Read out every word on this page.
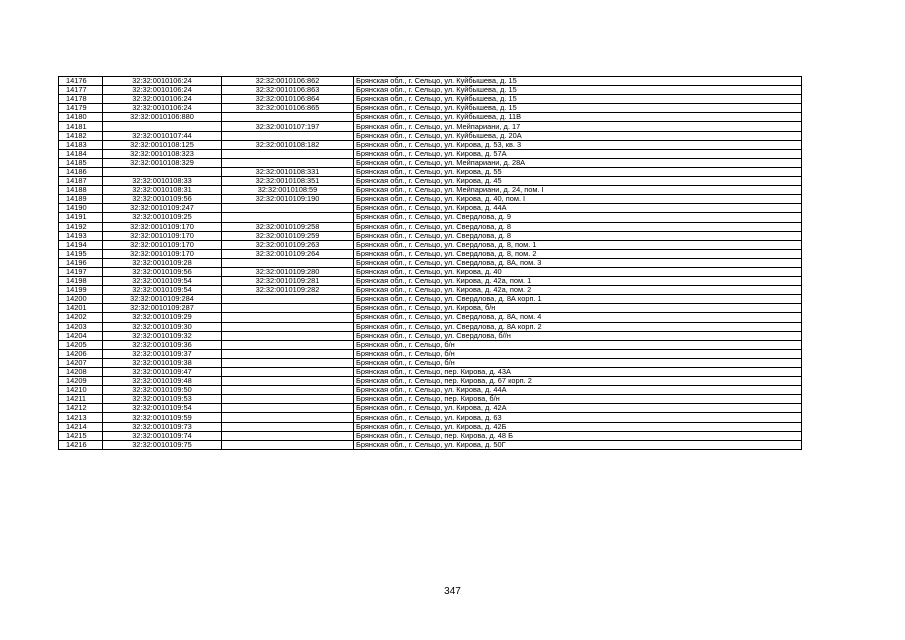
14176	32:32:0010106:24	32:32:0010106:862	Брянская обл., г. Сельцо, ул. Куйбышева, д. 15
14177	32:32:0010106:24	32:32:0010106:863	Брянская обл., г. Сельцо, ул. Куйбышева, д. 15
14178	32:32:0010106:24	32:32:0010106:864	Брянская обл., г. Сельцо, ул. Куйбышева, д. 15
14179	32:32:0010106:24	32:32:0010106:865	Брянская обл., г. Сельцо, ул. Куйбышева, д. 15
14180	32:32:0010106:880		Брянская обл., г. Сельцо, ул. Куйбышева, д. 11В
14181		32:32:0010107:197	Брянская обл., г. Сельцо, ул. Мейпариани, д. 17
14182	32:32:0010107:44		Брянская обл., г. Сельцо, ул. Куйбышева, д. 20А
14183	32:32:0010108:125	32:32:0010108:182	Брянская обл., г. Сельцо, ул. Кирова, д. 53, кв. 3
14184	32:32:0010108:323		Брянская обл., г. Сельцо, ул. Кирова, д. 57А
14185	32:32:0010108:329		Брянская обл., г. Сельцо, ул. Мейпариани, д. 28А
14186		32:32:0010108:331	Брянская обл., г. Сельцо, ул. Кирова, д. 55
14187	32:32:0010108:33	32:32:0010108:351	Брянская обл., г. Сельцо, ул. Кирова, д. 45
14188	32:32:0010108:31	32:32:0010108:59	Брянская обл., г. Сельцо, ул. Мейпариани, д. 24, пом. I
14189	32:32:0010109:56	32:32:0010109:190	Брянская обл., г. Сельцо, ул. Кирова, д. 40, пом. I
14190	32:32:0010109:247		Брянская обл., г. Сельцо, ул. Кирова, д. 44А
14191	32:32:0010109:25		Брянская обл., г. Сельцо, ул. Свердлова, д. 9
14192	32:32:0010109:170	32:32:0010109:258	Брянская обл., г. Сельцо, ул. Свердлова, д. 8
14193	32:32:0010109:170	32:32:0010109:259	Брянская обл., г. Сельцо, ул. Свердлова, д. 8
14194	32:32:0010109:170	32:32:0010109:263	Брянская обл., г. Сельцо, ул. Свердлова, д. 8, пом. 1
14195	32:32:0010109:170	32:32:0010109:264	Брянская обл., г. Сельцо, ул. Свердлова, д. 8, пом. 2
14196	32:32:0010109:28		Брянская обл., г. Сельцо, ул. Свердлова, д. 8А, пом. 3
14197	32:32:0010109:56	32:32:0010109:280	Брянская обл., г. Сельцо, ул. Кирова, д. 40
14198	32:32:0010109:54	32:32:0010109:281	Брянская обл., г. Сельцо, ул. Кирова, д. 42а, пом. 1
14199	32:32:0010109:54	32:32:0010109:282	Брянская обл., г. Сельцо, ул. Кирова, д. 42а, пом. 2
14200	32:32:0010109:284		Брянская обл., г. Сельцо, ул. Свердлова, д. 8А корп. 1
14201	32:32:0010109:287		Брянская обл., г. Сельцо, ул. Кирова, б/н
14202	32:32:0010109:29		Брянская обл., г. Сельцо, ул. Свердлова, д. 8А, пом. 4
14203	32:32:0010109:30		Брянская обл., г. Сельцо, ул. Свердлова, д. 8А корп. 2
14204	32:32:0010109:32		Брянская обл., г. Сельцо, ул. Свердлова, б//н
14205	32:32:0010109:36		Брянская обл., г. Сельцо, б/н
14206	32:32:0010109:37		Брянская обл., г. Сельцо, б/н
14207	32:32:0010109:38		Брянская обл., г. Сельцо, б/н
14208	32:32:0010109:47		Брянская обл., г. Сельцо, пер. Кирова, д. 43А
14209	32:32:0010109:48		Брянская обл., г. Сельцо, пер. Кирова, д. 67 корп. 2
14210	32:32:0010109:50		Брянская обл., г. Сельцо, ул. Кирова, д. 44А
14211	32:32:0010109:53		Брянская обл., г. Сельцо, пер. Кирова, б/н
14212	32:32:0010109:54		Брянская обл., г. Сельцо, ул. Кирова, д. 42А
14213	32:32:0010109:59		Брянская обл., г. Сельцо, ул. Кирова, д. 63
14214	32:32:0010109:73		Брянская обл., г. Сельцо, ул. Кирова, д. 42Б
14215	32:32:0010109:74		Брянская обл., г. Сельцо, пер. Кирова, д. 48 Б
14216	32:32:0010109:75		Брянская обл., г. Сельцо, ул. Кирова, д. 50Г
347
